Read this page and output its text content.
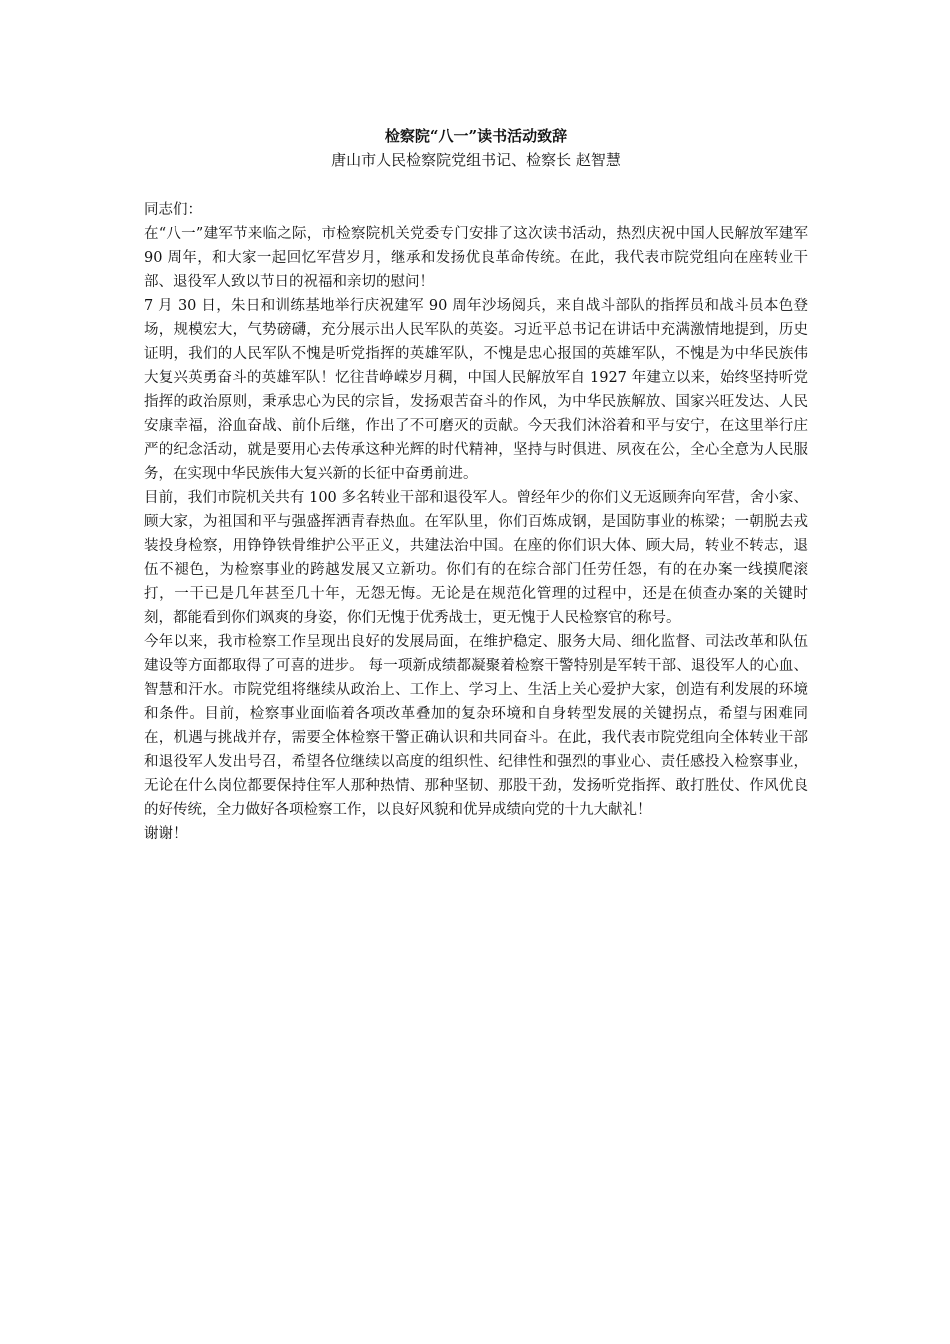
检察院“八一”读书活动致辞

唐山市人民检察院党组书记、检察长 赵智慧

同志们：

在“八一”建军节来临之际，市检察院机关党委专门安排了这次读书活动，热烈庆祝中国人民解放军建军 90 周年，和大家一起回忆军营岁月，继承和发扬优良革命传统。在此，我代表市院党组向在座转业干部、退役军人致以节日的祝福和亲切的慰问！

7 月 30 日，朱日和训练基地举行庆祝建军 90 周年沙场阅兵，来自战斗部队的指挥员和战斗员本色登场，规模宏大，气势磅礴，充分展示出人民军队的英姿。习近平总书记在讲话中充满激情地提到，历史证明，我们的人民军队不愧是听党指挥的英雄军队，不愧是忠心报国的英雄军队，不愧是为中华民族伟大复兴英勇奋斗的英雄军队！忆往昔峥嵘岁月稠，中国人民解放军自 1927 年建立以来，始终坚持听党指挥的政治原则，秉承忠心为民的宗旨，发扬艰苦奋斗的作风，为中华民族解放、国家兴旺发达、人民安康幸福，浴血奋战、前仆后继，作出了不可磨灭的贡献。今天我们沐浴着和平与安宁，在这里举行庄严的纪念活动，就是要用心去传承这种光辉的时代精神，坚持与时俱进、夙夜在公，全心全意为人民服务，在实现中华民族伟大复兴新的长征中奋勇前进。

目前，我们市院机关共有 100 多名转业干部和退役军人。曾经年少的你们义无返顾奔向军营，舍小家、顾大家，为祖国和平与强盛挥洒青春热血。在军队里，你们百炼成钢，是国防事业的栋梁；一朝脱去戎装投身检察，用铮铮铁骨维护公平正义，共建法治中国。在座的你们识大体、顾大局，转业不转志，退伍不褪色，为检察事业的跨越发展又立新功。你们有的在综合部门任劳任怨，有的在办案一线摸爬滚打，一干已是几年甚至几十年，无怨无悔。无论是在规范化管理的过程中，还是在侦查办案的关键时刻，都能看到你们飒爽的身姿，你们无愧于优秀战士，更无愧于人民检察官的称号。

今年以来，我市检察工作呈现出良好的发展局面，在维护稳定、服务大局、细化监督、司法改革和队伍建设等方面都取得了可喜的进步。 每一项新成绩都凝聚着检察干警特别是军转干部、退役军人的心血、智慧和汗水。市院党组将继续从政治上、工作上、学习上、生活上关心爱护大家，创造有利发展的环境和条件。目前，检察事业面临着各项改革叠加的复杂环境和自身转型发展的关键拐点，希望与困难同在，机遇与挑战并存，需要全体检察干警正确认识和共同奋斗。在此，我代表市院党组向全体转业干部和退役军人发出号召，希望各位继续以高度的组织性、纪律性和强烈的事业心、责任感投入检察事业，无论在什么岗位都要保持住军人那种热情、那种坚韧、那股干劲，发扬听党指挥、敢打胜仗、作风优良的好传统，全力做好各项检察工作，以良好风貌和优异成绩向党的十九大献礼！

谢谢！
